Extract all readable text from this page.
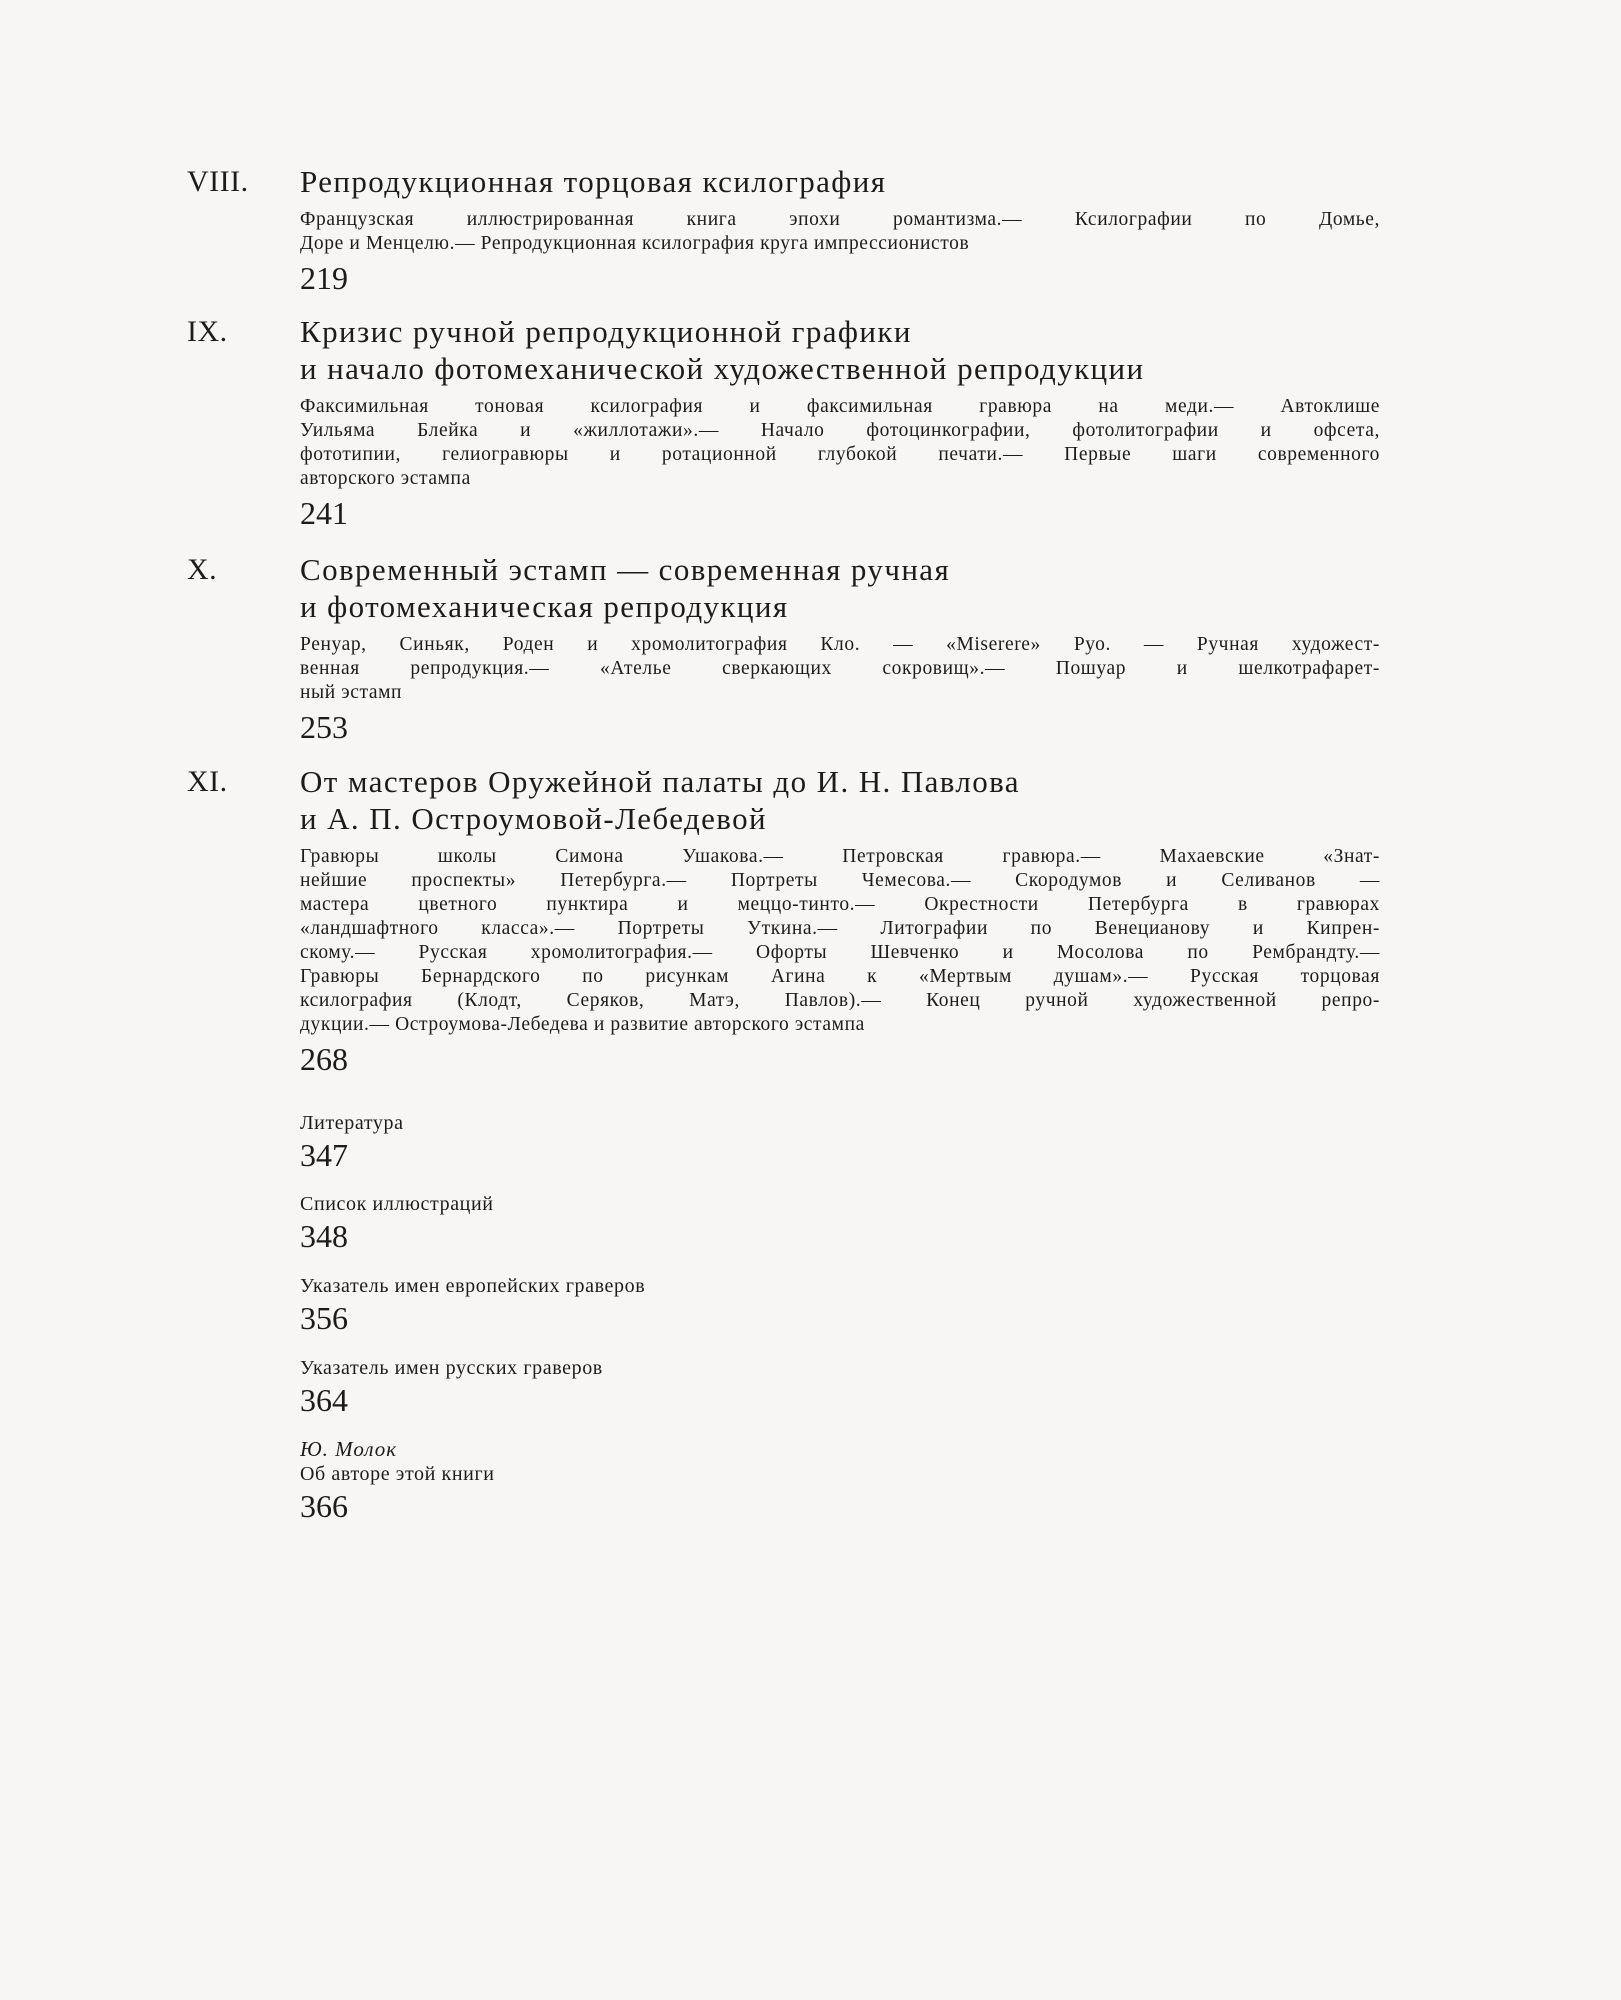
VIII. Репродукционная торцовая ксилография
Французская иллюстрированная книга эпохи романтизма.— Ксилографии по Домье,
Доре и Менцелю.— Репродукционная ксилография круга импрессионистов
219
IX. Кризис ручной репродукционной графики
и начало фотомеханической художественной репродукции
Факсимильная тоновая ксилография и факсимильная гравюра на меди.— Автоклише
Уильяма Блейка и «жиллотажи».— Начало фотоцинкографии, фотолитографии и офсета,
фототипии, гелиогравюры и ротационной глубокой печати.— Первые шаги современного
авторского эстампа
241
X.	Современный эстамп — современная ручная
и фотомеханическая репродукция
Ренуар, Синьяк, Роден и хромолитография Кло. — «Miserere» Руо. — Ручная художест-
венная репродукция.— «Ателье сверкающих сокровищ».— Пошуар и шелкотрафарет-
ный эстамп
253
XI. От мастеров Оружейной палаты до И. Н. Павлова
и А. П. Остроумовой-Лебедевой
Гравюры школы Симона Ушакова.— Петровская гравюра.— Махаевские «Знат-
нейшие проспекты» Петербурга.— Портреты Чемесова.— Скородумов и Селиванов —
мастера цветного пунктира и меццо-тинто.— Окрестности Петербурга в гравюрах
«ландшафтного класса».— Портреты Уткина.— Литографии по Венецианову и Кипрен-
скому.— Русская хромолитография.— Офорты Шевченко и Мосолова по Рембрандту.—
Гравюры Бернардского по рисункам Агина к «Мертвым душам».— Русская торцовая
ксилография (Клодт, Серяков, Матэ, Павлов).— Конец ручной художественной репро-
дукции.— Остроумова-Лебедева и развитие авторского эстампа
268
Литература
347
Список иллюстраций
348
Указатель имен европейских граверов
356
Указатель имен русских граверов
364
Ю. Молок
Об авторе этой книги
366
